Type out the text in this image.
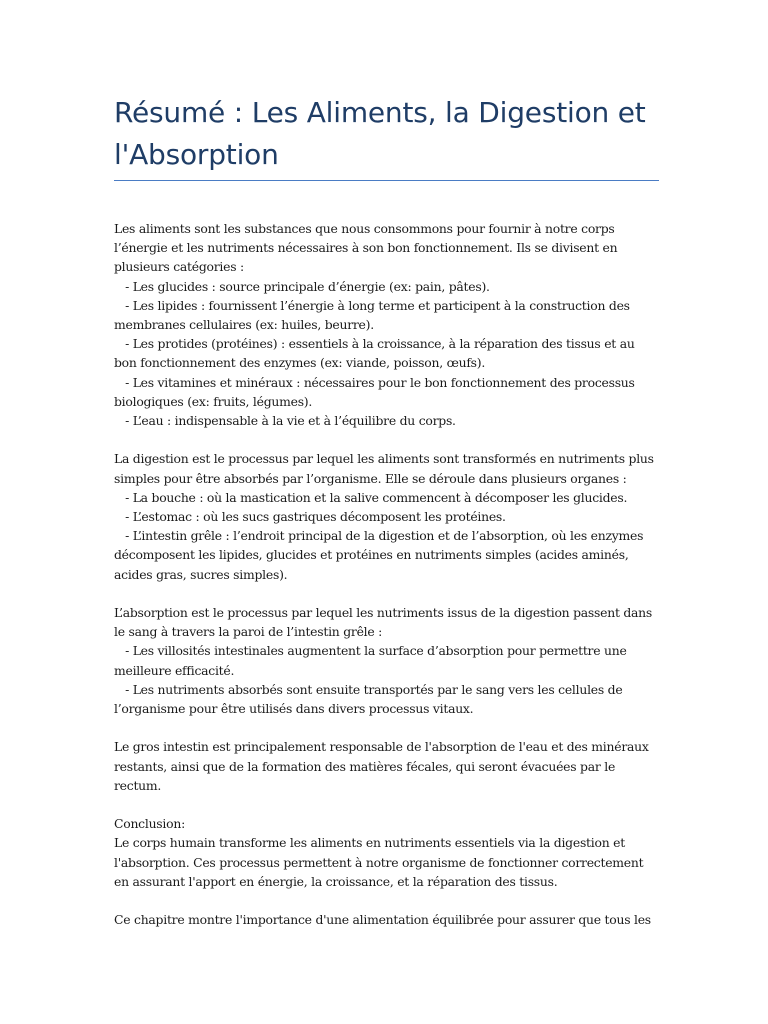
Résumé : Les Aliments, la Digestion et l'Absorption
Les aliments sont les substances que nous consommons pour fournir à notre corps l’énergie et les nutriments nécessaires à son bon fonctionnement. Ils se divisent en plusieurs catégories :
- Les glucides : source principale d’énergie (ex: pain, pâtes).
- Les lipides : fournissent l’énergie à long terme et participent à la construction des membranes cellulaires (ex: huiles, beurre).
- Les protides (protéines) : essentiels à la croissance, à la réparation des tissus et au bon fonctionnement des enzymes (ex: viande, poisson, œufs).
- Les vitamines et minéraux : nécessaires pour le bon fonctionnement des processus biologiques (ex: fruits, légumes).
- L’eau : indispensable à la vie et à l’équilibre du corps.
La digestion est le processus par lequel les aliments sont transformés en nutriments plus simples pour être absorbés par l’organisme. Elle se déroule dans plusieurs organes :
- La bouche : où la mastication et la salive commencent à décomposer les glucides.
- L’estomac : où les sucs gastriques décomposent les protéines.
- L’intestin grêle : l’endroit principal de la digestion et de l’absorption, où les enzymes décomposent les lipides, glucides et protéines en nutriments simples (acides aminés, acides gras, sucres simples).
L’absorption est le processus par lequel les nutriments issus de la digestion passent dans le sang à travers la paroi de l’intestin grêle :
- Les villosités intestinales augmentent la surface d’absorption pour permettre une meilleure efficacité.
- Les nutriments absorbés sont ensuite transportés par le sang vers les cellules de l’organisme pour être utilisés dans divers processus vitaux.
Le gros intestin est principalement responsable de l'absorption de l'eau et des minéraux restants, ainsi que de la formation des matières fécales, qui seront évacuées par le rectum.
Conclusion:
Le corps humain transforme les aliments en nutriments essentiels via la digestion et l'absorption. Ces processus permettent à notre organisme de fonctionner correctement en assurant l'apport en énergie, la croissance, et la réparation des tissus.
Ce chapitre montre l'importance d'une alimentation équilibrée pour assurer que tous les
